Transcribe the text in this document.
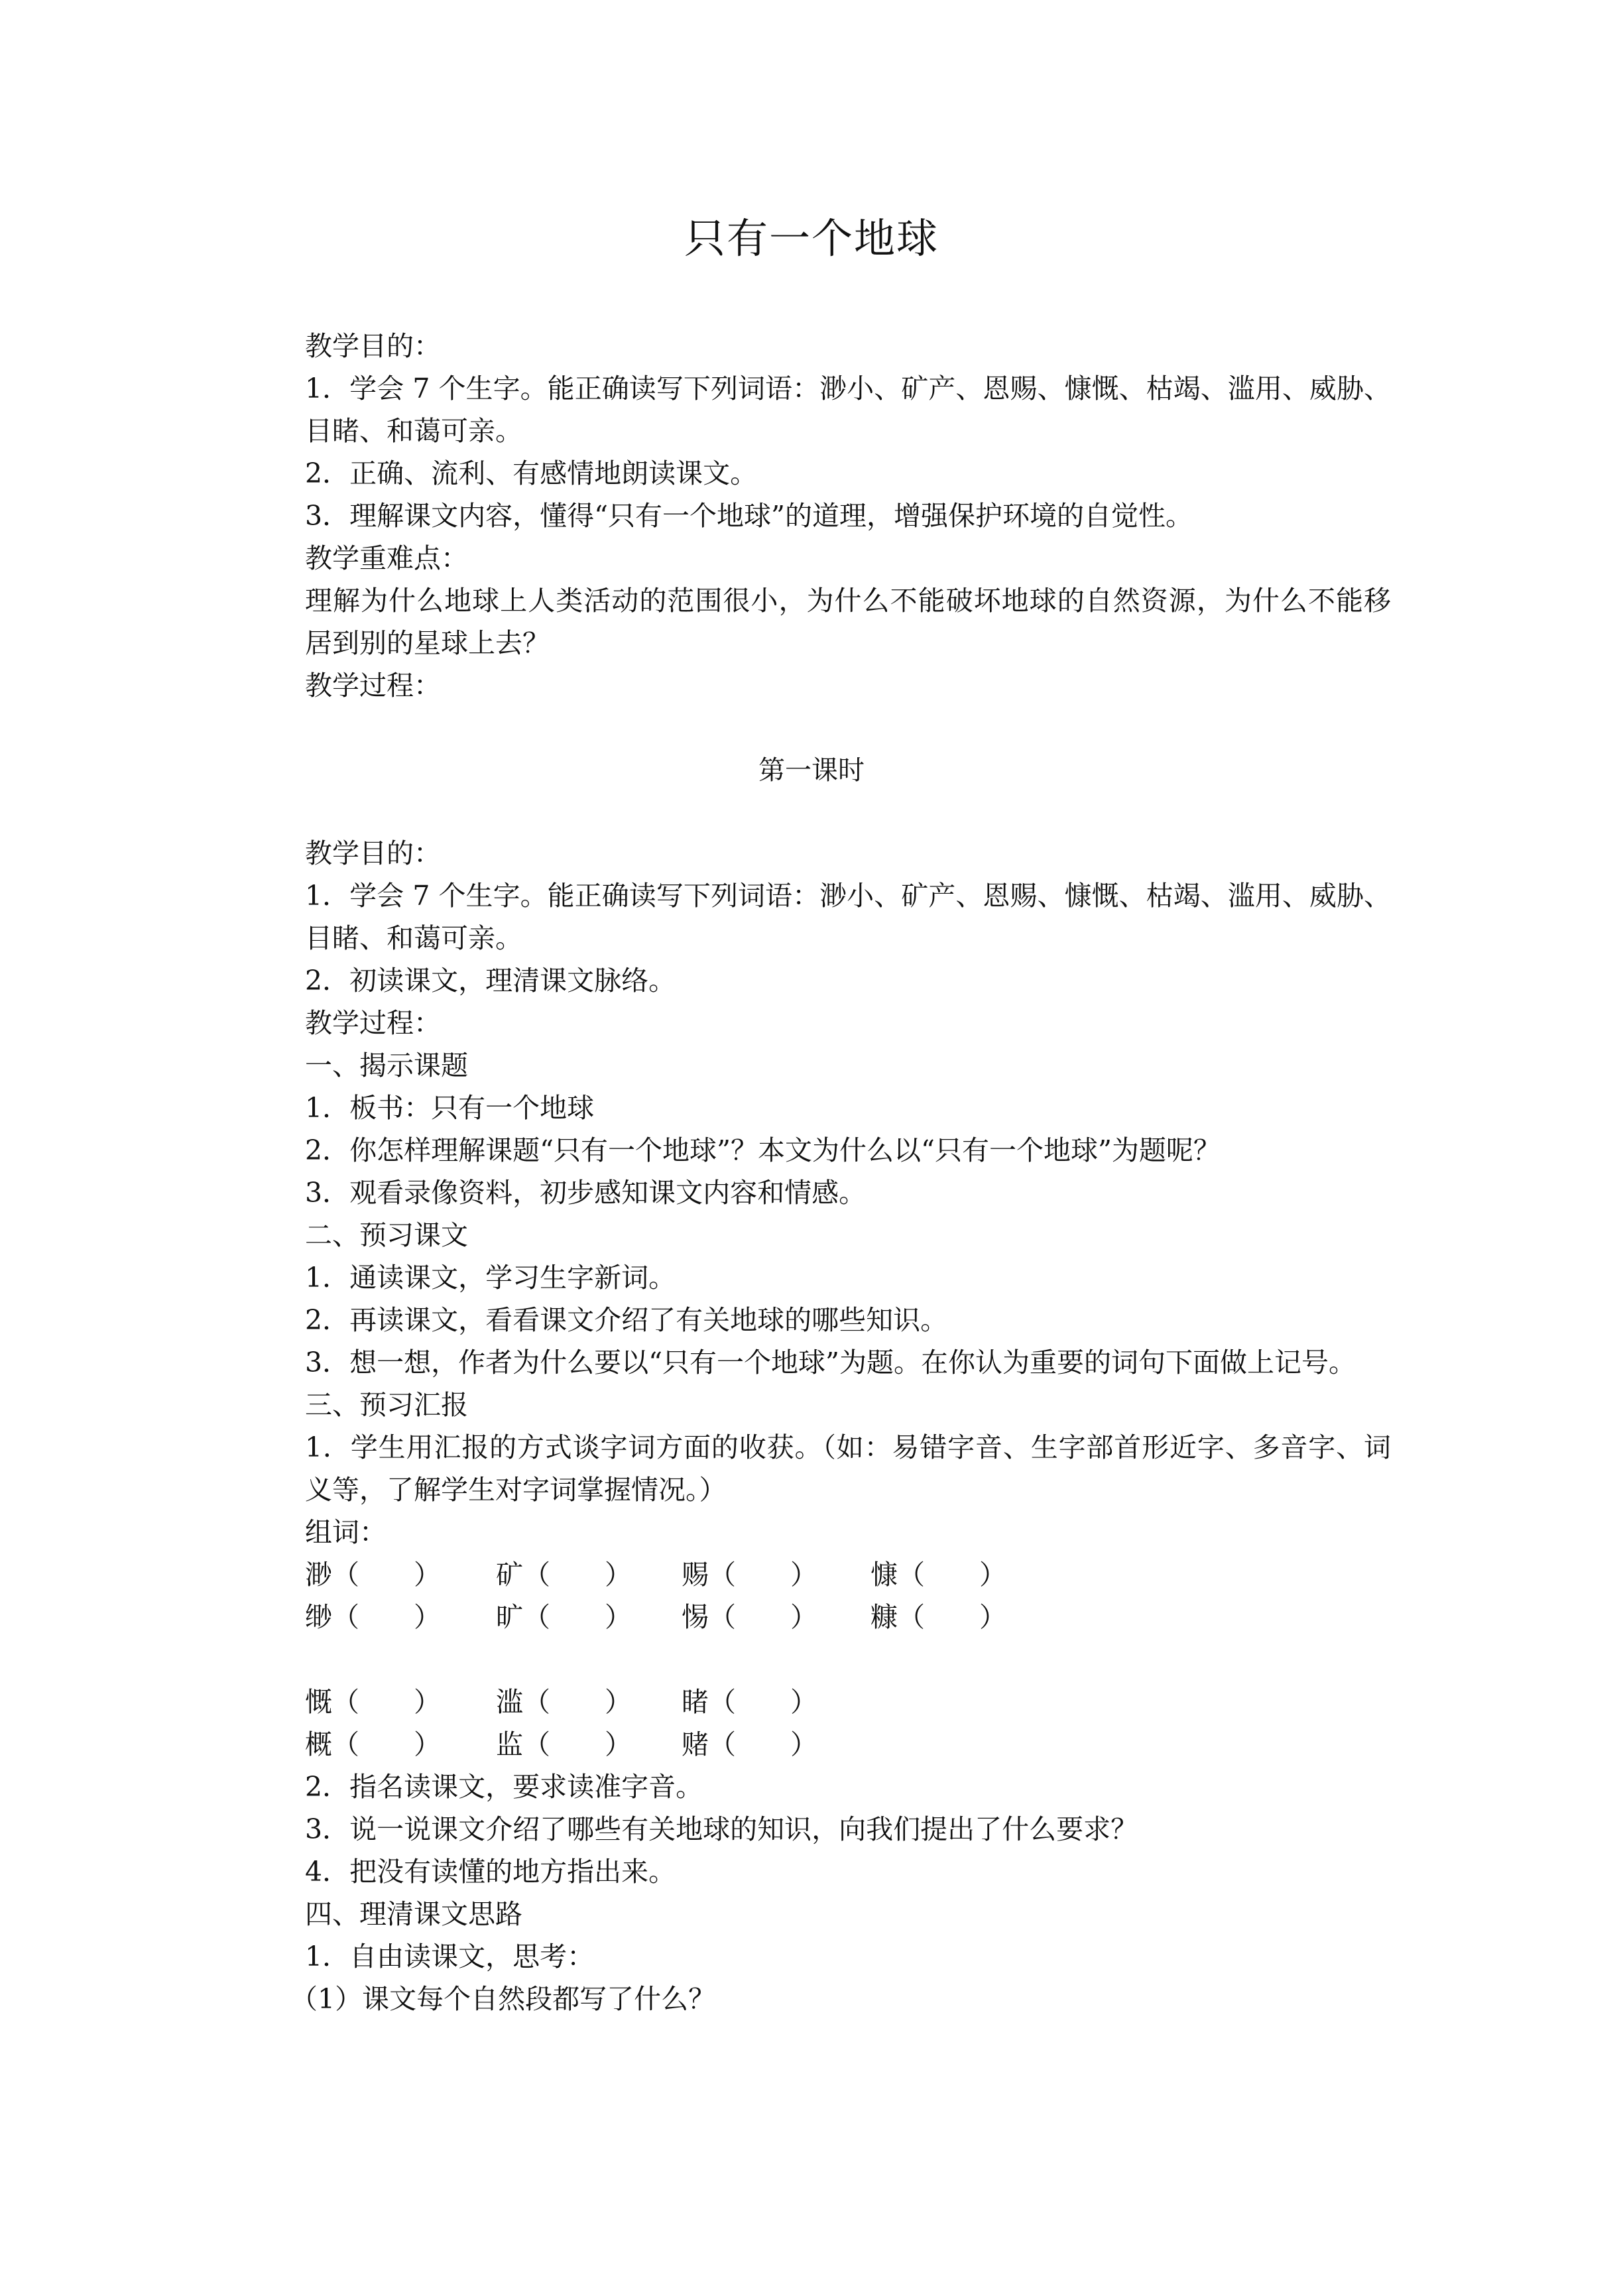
只有一个地球

教学目的：

1．学会 7 个生字。能正确读写下列词语：渺小、矿产、恩赐、慷慨、枯竭、滥用、威胁、目睹、和蔼可亲。

2．正确、流利、有感情地朗读课文。

3．理解课文内容，懂得“只有一个地球”的道理，增强保护环境的自觉性。

教学重难点：

理解为什么地球上人类活动的范围很小，为什么不能破坏地球的自然资源，为什么不能移居到别的星球上去？

教学过程：

第一课时

教学目的：

1．学会 7 个生字。能正确读写下列词语：渺小、矿产、恩赐、慷慨、枯竭、滥用、威胁、目睹、和蔼可亲。

2．初读课文，理清课文脉络。

教学过程：

一、揭示课题

1．板书：只有一个地球

2．你怎样理解课题“只有一个地球”？本文为什么以“只有一个地球”为题呢？

3．观看录像资料，初步感知课文内容和情感。

二、预习课文

1．通读课文，学习生字新词。

2．再读课文，看看课文介绍了有关地球的哪些知识。

3．想一想，作者为什么要以“只有一个地球”为题。在你认为重要的词句下面做上记号。

三、预习汇报

1．学生用汇报的方式谈字词方面的收获。（如：易错字音、生字部首形近字、多音字、词义等，了解学生对字词掌握情况。）

组词：

渺（　　） 矿（　　） 赐（　　） 慷（　　）
缈（　　） 旷（　　） 惕（　　） 糠（　　）
慨（　　） 滥（　　） 睹（　　）
概（　　） 监（　　） 赌（　　）

2．指名读课文，要求读准字音。

3．说一说课文介绍了哪些有关地球的知识，向我们提出了什么要求？

4．把没有读懂的地方指出来。

四、理清课文思路

1．自由读课文，思考：

（1）课文每个自然段都写了什么？
